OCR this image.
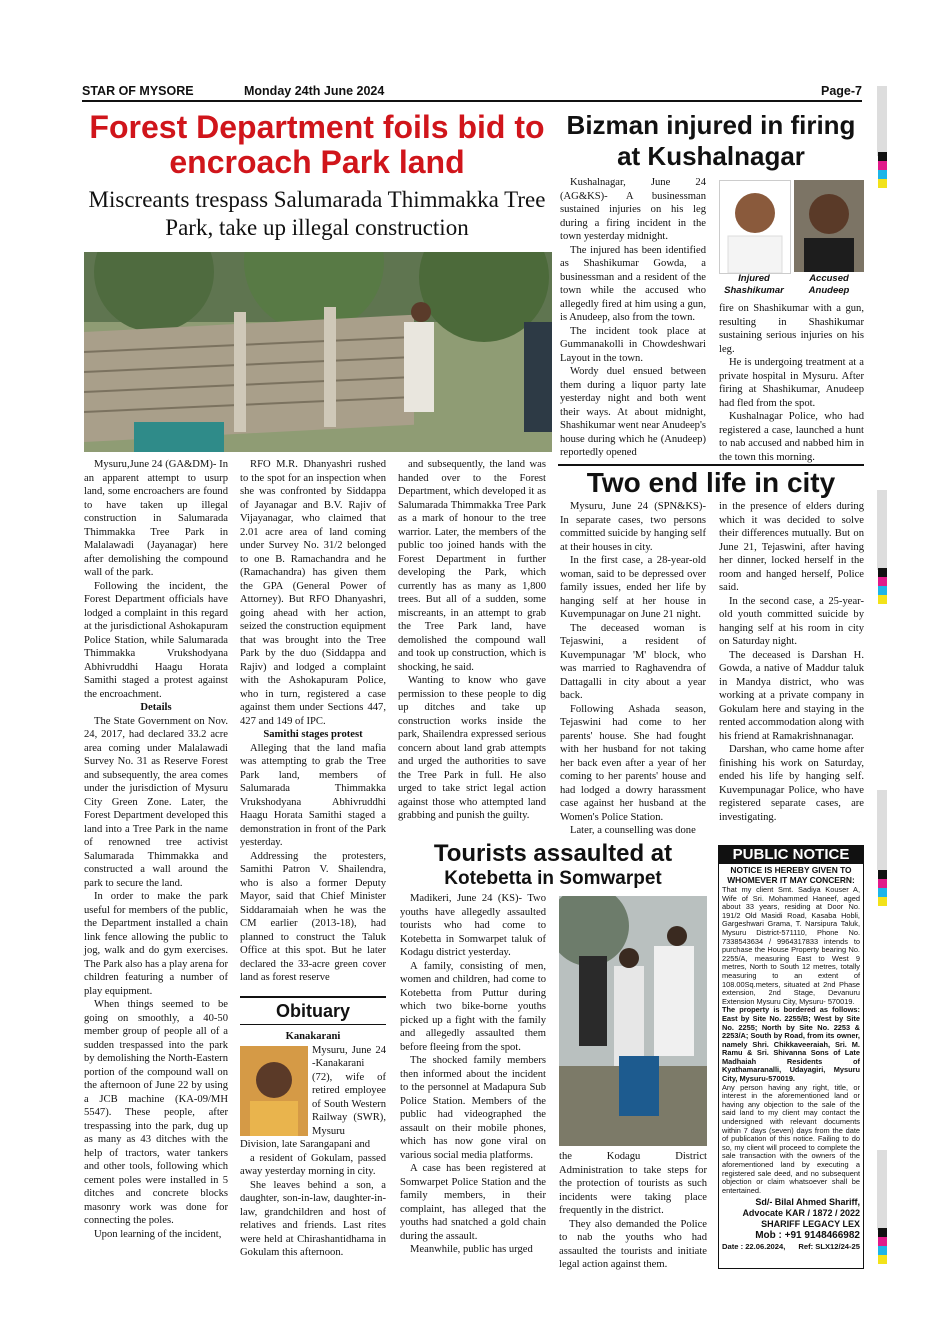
STAR OF MYSORE	Monday 24th June 2024	Page-7
Forest Department foils bid to encroach Park land
Miscreants trespass Salumarada Thimmakka Tree Park, take up illegal construction

Mysuru,June 24 (GA&DM)- In an apparent attempt to usurp land, some encroachers are found to have taken up illegal construction in Salumarada Thimmakka Tree Park in Malalawadi (Jayanagar) here after demolishing the compound wall of the park.

Following the incident, the Forest Department officials have lodged a complaint in this regard at the jurisdictional Ashokapuram Police Station, while Salumarada Thimmakka Vrukshodyana Abhivruddhi Haagu Horata Samithi staged a protest against the encroachment.

Details

The State Government on Nov. 24, 2017, had declared 33.2 acre area coming under Malalawadi Survey No. 31 as Reserve Forest and subsequently, the area comes under the jurisdiction of Mysuru City Green Zone. Later, the Forest Department developed this land into a Tree Park in the name of renowned tree activist Salumarada Thimmakka and constructed a wall around the park to secure the land.

In order to make the park useful for members of the public, the Department installed a chain link fence allowing the public to jog, walk and do gym exercises. The Park also has a play arena for children featuring a number of play equipment.

When things seemed to be going on smoothly, a 40-50 member group of people all of a sudden trespassed into the park by demolishing the North-Eastern portion of the compound wall on the afternoon of June 22 by using a JCB machine (KA-09/MH 5547). These people, after trespassing into the park, dug up as many as 43 ditches with the help of tractors, water tankers and other tools, following which cement poles were installed in 5 ditches and concrete blocks masonry work was done for connecting the poles.

Upon learning of the incident,

RFO M.R. Dhanyashri rushed to the spot for an inspection when she was confronted by Siddappa of Jayanagar and B.V. Rajiv of Vijayanagar, who claimed that 2.01 acre area of land coming under Survey No. 31/2 belonged to one B. Ramachandra and he (Ramachandra) has given them the GPA (General Power of Attorney). But RFO Dhanyashri, going ahead with her action, seized the construction equipment that was brought into the Tree Park by the duo (Siddappa and Rajiv) and lodged a complaint with the Ashokapuram Police, who in turn, registered a case against them under Sections 447, 427 and 149 of IPC.

Samithi stages protest

Alleging that the land mafia was attempting to grab the Tree Park land, members of Salumarada Thimmakka Vrukshodyana Abhivruddhi Haagu Horata Samithi staged a demonstration in front of the Park yesterday.

Addressing the protesters, Samithi Patron V. Shailendra, who is also a former Deputy Mayor, said that Chief Minister Siddaramaiah when he was the CM earlier (2013-18), had planned to construct the Taluk Office at this spot. But he later declared the 33-acre green cover land as forest reserve

and subsequently, the land was handed over to the Forest Department, which developed it as Salumarada Thimmakka Tree Park as a mark of honour to the tree warrior. Later, the members of the public too joined hands with the Forest Department in further developing the Park, which currently has as many as 1,800 trees. But all of a sudden, some miscreants, in an attempt to grab the Tree Park land, have demolished the compound wall and took up construction, which is shocking, he said.

Wanting to know who gave permission to these people to dig up ditches and take up construction works inside the park, Shailendra expressed serious concern about land grab attempts and urged the authorities to save the Tree Park in full. He also urged to take strict legal action against those who attempted land grabbing and punish the guilty.

Obituary

Kanakarani

Mysuru, June 24 -Kanakarani (72), wife of retired employee of South Western Railway (SWR), Mysuru Division, late Sarangapani and

a resident of Gokulam, passed away yesterday morning in city.

She leaves behind a son, a daughter, son-in-law, daughter-in-law, grandchildren and host of relatives and friends. Last rites were held at Chirashantidhama in Gokulam this afternoon.

Bizman injured in firing at Kushalnagar

Kushalnagar, June 24 (AG&KS)- A businessman sustained injuries on his leg during a firing incident in the town yesterday midnight.

The injured has been identified as Shashikumar Gowda, a businessman and a resident of the town while the accused who allegedly fired at him using a gun, is Anudeep, also from the town.

The incident took place at Gummanakolli in Chowdeshwari Layout in the town.

Wordy duel ensued between them during a liquor party late yesterday night and both went their ways. At about midnight, Shashikumar went near Anudeep's house during which he (Anudeep) reportedly opened

Injured Shashikumar
Accused Anudeep

fire on Shashikumar with a gun, resulting in Shashikumar sustaining serious injuries on his leg.

He is undergoing treatment at a private hospital in Mysuru. After firing at Shashikumar, Anudeep had fled from the spot.

Kushalnagar Police, who had registered a case, launched a hunt to nab accused and nabbed him in the town this morning.

Two end life in city

Mysuru, June 24 (SPN&KS)- In separate cases, two persons committed suicide by hanging self at their houses in city.

In the first case, a 28-year-old woman, said to be depressed over family issues, ended her life by hanging self at her house in Kuvempunagar on June 21 night.

The deceased woman is Tejaswini, a resident of Kuvempunagar 'M' block, who was married to Raghavendra of Dattagalli in city about a year back.

Following Ashada season, Tejaswini had come to her parents' house. She had fought with her husband for not taking her back even after a year of her coming to her parents' house and had lodged a dowry harassment case against her husband at the Women's Police Station.

Later, a counselling was done

in the presence of elders during which it was decided to solve their differences mutually. But on June 21, Tejaswini, after having her dinner, locked herself in the room and hanged herself, Police said.

In the second case, a 25-year-old youth committed suicide by hanging self at his room in city on Saturday night.

The deceased is Darshan H. Gowda, a native of Maddur taluk in Mandya district, who was working at a private company in Gokulam here and staying in the rented accommodation along with his friend at Ramakrishnanagar.

Darshan, who came home after finishing his work on Saturday, ended his life by hanging self. Kuvempunagar Police, who have registered separate cases, are investigating.

Tourists assaulted at
Kotebetta in Somwarpet

Madikeri, June 24 (KS)- Two youths have allegedly assaulted tourists who had come to Kotebetta in Somwarpet taluk of Kodagu district yesterday.

A family, consisting of men, women and children, had come to Kotebetta from Puttur during which two bike-borne youths picked up a fight with the family and allegedly assaulted them before fleeing from the spot.

The shocked family members then informed about the incident to the personnel at Madapura Sub Police Station. Members of the public had videographed the assault on their mobile phones, which has now gone viral on various social media platforms.

A case has been registered at Somwarpet Police Station and the family members, in their complaint, has alleged that the youths had snatched a gold chain during the assault.

Meanwhile, public has urged

the Kodagu District Administration to take steps for the protection of tourists as such incidents were taking place frequently in the district.

They also demanded the Police to nab the youths who had assaulted the tourists and initiate legal action against them.

PUBLIC NOTICE
NOTICE IS HEREBY GIVEN TO WHOMEVER IT MAY CONCERN:
That my client Smt. Sadiya Kouser A, Wife of Sri. Mohammed Haneef, aged about 33 years, residing at Door No. 191/2 Old Masidi Road, Kasaba Hobli, Gargeshwari Grama, T. Narsipura Taluk, Mysuru District-571110, Phone No. 7338543634 / 9964317833 intends to purchase the House Property bearing No. 2255/A, measuring East to West 9 metres, North to South 12 metres, totally measuring to an extent of 108.00Sq.meters, situated at 2nd Phase extension, 2nd Stage, Devanuru Extension Mysuru City, Mysuru- 570019.
The property is bordered as follows: East by Site No. 2255/B; West by Site No. 2255; North by Site No. 2253 & 2253/A; South by Road, from its owner, namely Shri. Chikkaveeraiah, Sri. M. Ramu & Sri. Shivanna Sons of Late Madhaiah Residents of Kyathamaranalli, Udayagiri, Mysuru City, Mysuru-570019.
Any person having any right, title, or interest in the aforementioned land or having any objection to the sale of the said land to my client may contact the undersigned with relevant documents within 7 days (seven) days from the date of publication of this notice. Failing to do so, my client will proceed to complete the sale transaction with the owners of the aforementioned land by executing a registered sale deed, and no subsequent objection or claim whatsoever shall be entertained.
Sd/- Bilal Ahmed Shariff,
Advocate KAR / 1872 / 2022
SHARIFF LEGACY LEX
Mob : +91 9148466982
Date : 22.06.2024, Ref: SLX12/24-25
